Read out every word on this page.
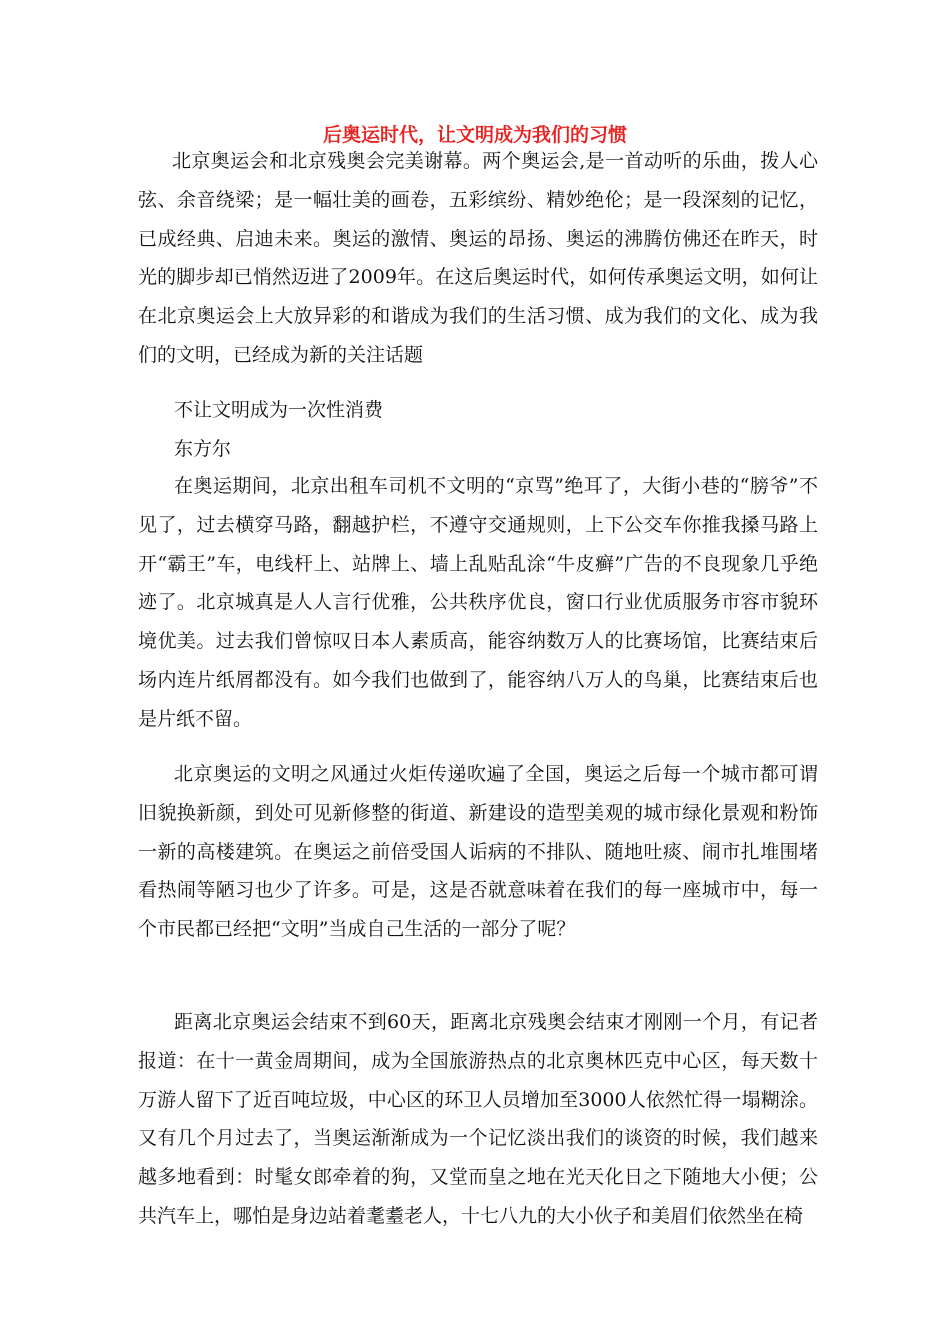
后奥运时代，让文明成为我们的习惯

北京奥运会和北京残奥会完美谢幕。两个奥运会,是一首动听的乐曲，拨人心弦、余音绕梁；是一幅壮美的画卷，五彩缤纷、精妙绝伦；是一段深刻的记忆，已成经典、启迪未来。奥运的激情、奥运的昂扬、奥运的沸腾仿佛还在昨天，时光的脚步却已悄然迈进了2009年。在这后奥运时代，如何传承奥运文明，如何让在北京奥运会上大放异彩的和谐成为我们的生活习惯、成为我们的文化、成为我们的文明，已经成为新的关注话题

不让文明成为一次性消费

东方尔

在奥运期间，北京出租车司机不文明的“京骂”绝耳了，大街小巷的“膀爷”不见了，过去横穿马路，翻越护栏，不遵守交通规则，上下公交车你推我搡马路上开“霸王”车，电线杆上、站牌上、墙上乱贴乱涂“牛皮癣”广告的不良现象几乎绝迹了。北京城真是人人言行优雅，公共秩序优良，窗口行业优质服务市容市貌环境优美。过去我们曾惊叹日本人素质高，能容纳数万人的比赛场馆，比赛结束后场内连片纸屑都没有。如今我们也做到了，能容纳八万人的鸟巢，比赛结束后也是片纸不留。

北京奥运的文明之风通过火炬传递吹遍了全国，奥运之后每一个城市都可谓旧貌换新颜，到处可见新修整的街道、新建设的造型美观的城市绿化景观和粉饰一新的高楼建筑。在奥运之前倍受国人诟病的不排队、随地吐痰、闹市扎堆围堵看热闹等陋习也少了许多。可是，这是否就意味着在我们的每一座城市中，每一个市民都已经把“文明”当成自己生活的一部分了呢？

距离北京奥运会结束不到60天，距离北京残奥会结束才刚刚一个月，有记者报道：在十一黄金周期间，成为全国旅游热点的北京奥林匹克中心区，每天数十万游人留下了近百吨垃圾，中心区的环卫人员增加至3000人依然忙得一塌糊涂。又有几个月过去了，当奥运渐渐成为一个记忆淡出我们的谈资的时候，我们越来越多地看到：时髦女郎牵着的狗，又堂而皇之地在光天化日之下随地大小便；公共汽车上，哪怕是身边站着耄耋老人，十七八九的大小伙子和美眉们依然坐在椅
